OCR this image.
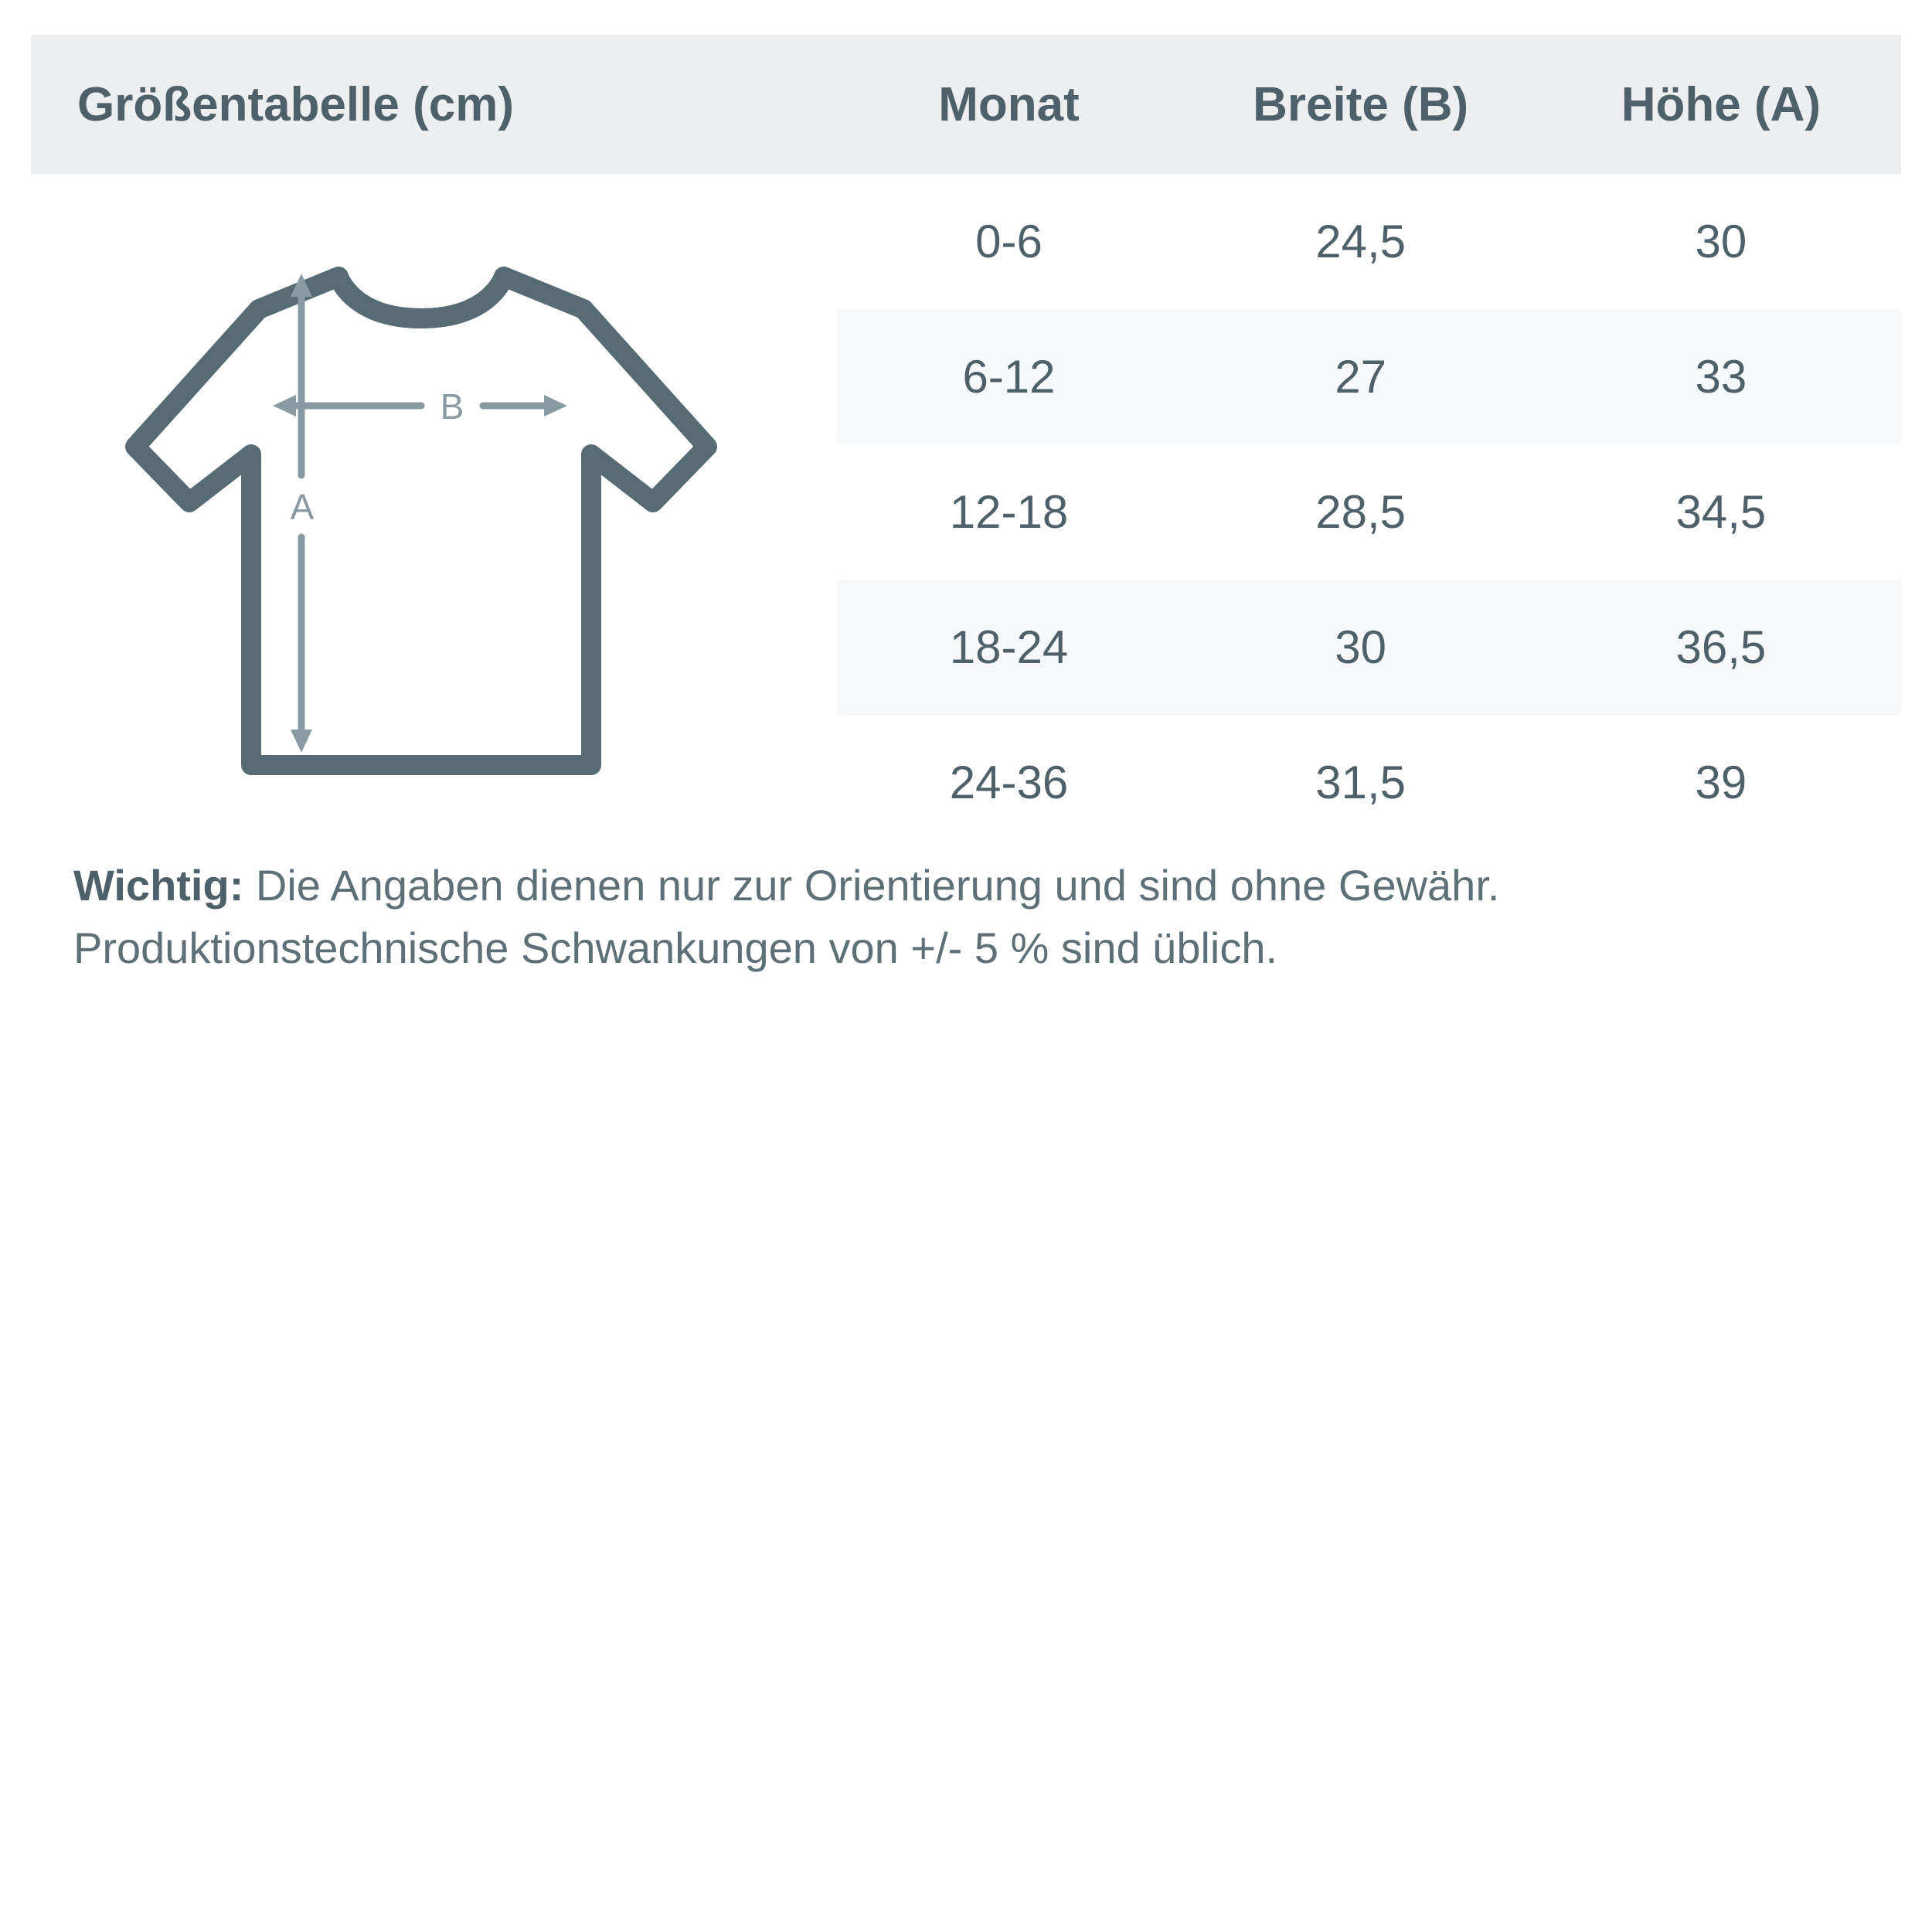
Größentabelle (cm)	Monat	Breite (B)	Höhe (A)
	0-6	24,5	30
	6-12	27	33
	12-18	28,5	34,5
	18-24	30	36,5
	24-36	31,5	39
B
A
Wichtig: Die Angaben dienen nur zur Orientierung und sind ohne Gewähr. Produktionstechnische Schwankungen von +/- 5 % sind üblich.
